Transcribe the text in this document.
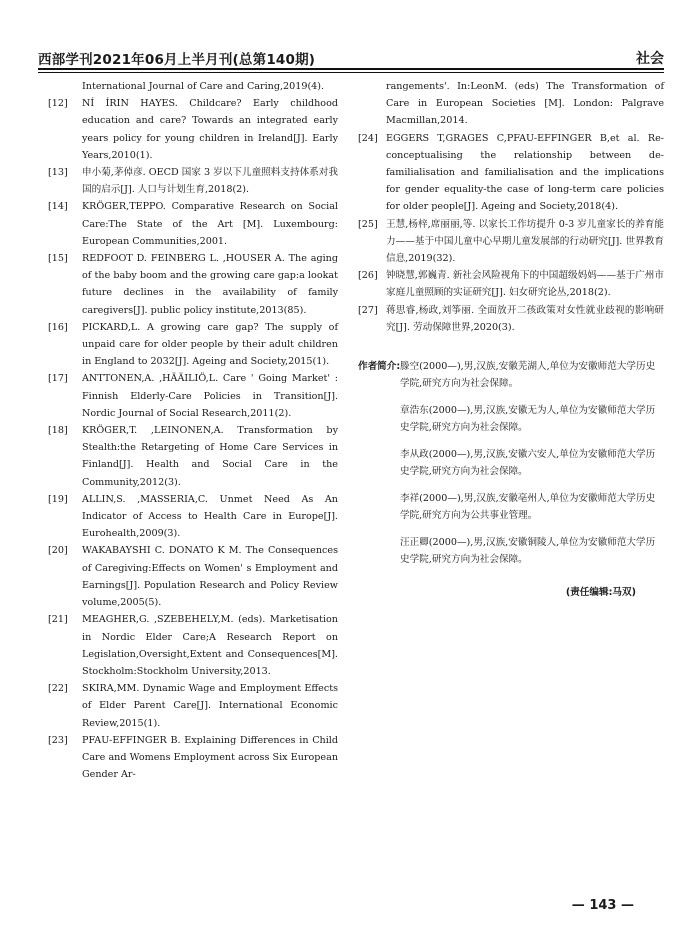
西部学刊2021年06月上半月刊(总第140期)	社会
International Journal of Care and Caring,2019(4).
[12] NÍ ÍRIN HAYES. Childcare? Early childhood education and care? Towards an integrated early years policy for young children in Ireland[J]. Early Years,2010(1).
[13] 申小菊,茅倬彦. OECD 国家 3 岁以下儿童照料支持体系对我国的启示[J]. 人口与计划生育,2018(2).
[14] KRÖGER,TEPPO. Comparative Research on Social Care:The State of the Art [M]. Luxembourg: European Communities,2001.
[15] REDFOOT D. FEINBERG L. ,HOUSER A. The aging of the baby boom and the growing care gap:a lookat future declines in the availability of family caregivers[J]. public policy institute,2013(85).
[16] PICKARD,L. A growing care gap? The supply of unpaid care for older people by their adult children in England to 2032[J]. Ageing and Society,2015(1).
[17] ANTTONEN,A. ,HÄÄILIÖ,L. Care ' Going Market' : Finnish Elderly-Care Policies in Transition[J]. Nordic Journal of Social Research,2011(2).
[18] KRÖGER,T. ,LEINONEN,A. Transformation by Stealth:the Retargeting of Home Care Services in Finland[J]. Health and Social Care in the Community,2012(3).
[19] ALLIN,S. ,MASSERIA,C. Unmet Need As An Indicator of Access to Health Care in Europe[J]. Eurohealth,2009(3).
[20] WAKABAYSHI C. DONATO K M. The Consequences of Caregiving:Effects on Women' s Employment and Earnings[J]. Population Research and Policy Review volume,2005(5).
[21] MEAGHER,G. ,SZEBEHELY,M. (eds). Marketisation in Nordic Elder Care;A Research Report on Legislation,Oversight,Extent and Consequences[M]. Stockholm:Stockholm University,2013.
[22] SKIRA,MM. Dynamic Wage and Employment Effects of Elder Parent Care[J]. International Economic Review,2015(1).
[23] PFAU-EFFINGER B. Explaining Differences in Child Care and Womens Employment across Six European Gender Ar-
rangements'. In:LeonM. (eds) The Transformation of Care in European Societies [M]. London: Palgrave Macmillan,2014.
[24] EGGERS T,GRAGES C,PFAU-EFFINGER B,et al. Re-conceptualising the relationship between de-familialisation and familialisation and the implications for gender equality-the case of long-term care policies for older people[J]. Ageing and Society,2018(4).
[25] 王慧,杨梓,席丽丽,等. 以家长工作坊提升 0-3 岁儿童家长的养育能力——基于中国儿童中心早期儿童发展部的行动研究[J]. 世界教育信息,2019(32).
[26] 钟晓慧,郭巍青. 新社会风险视角下的中国超级妈妈——基于广州市家庭儿童照顾的实证研究[J]. 妇女研究论丛,2018(2).
[27] 蒋思睿,杨政,刘筝丽. 全面放开二孩政策对女性就业歧视的影响研究[J]. 劳动保障世界,2020(3).
作者简介: 滕空(2000—),男,汉族,安徽芜湖人,单位为安徽师范大学历史学院,研究方向为社会保障。

章浩东(2000—),男,汉族,安徽无为人,单位为安徽师范大学历史学院,研究方向为社会保障。

李从政(2000—),男,汉族,安徽六安人,单位为安徽师范大学历史学院,研究方向为社会保障。

李祥(2000—),男,汉族,安徽亳州人,单位为安徽师范大学历史学院,研究方向为公共事业管理。

汪正卿(2000—),男,汉族,安徽铜陵人,单位为安徽师范大学历史学院,研究方向为社会保障。

(责任编辑:马双)
— 143 —
